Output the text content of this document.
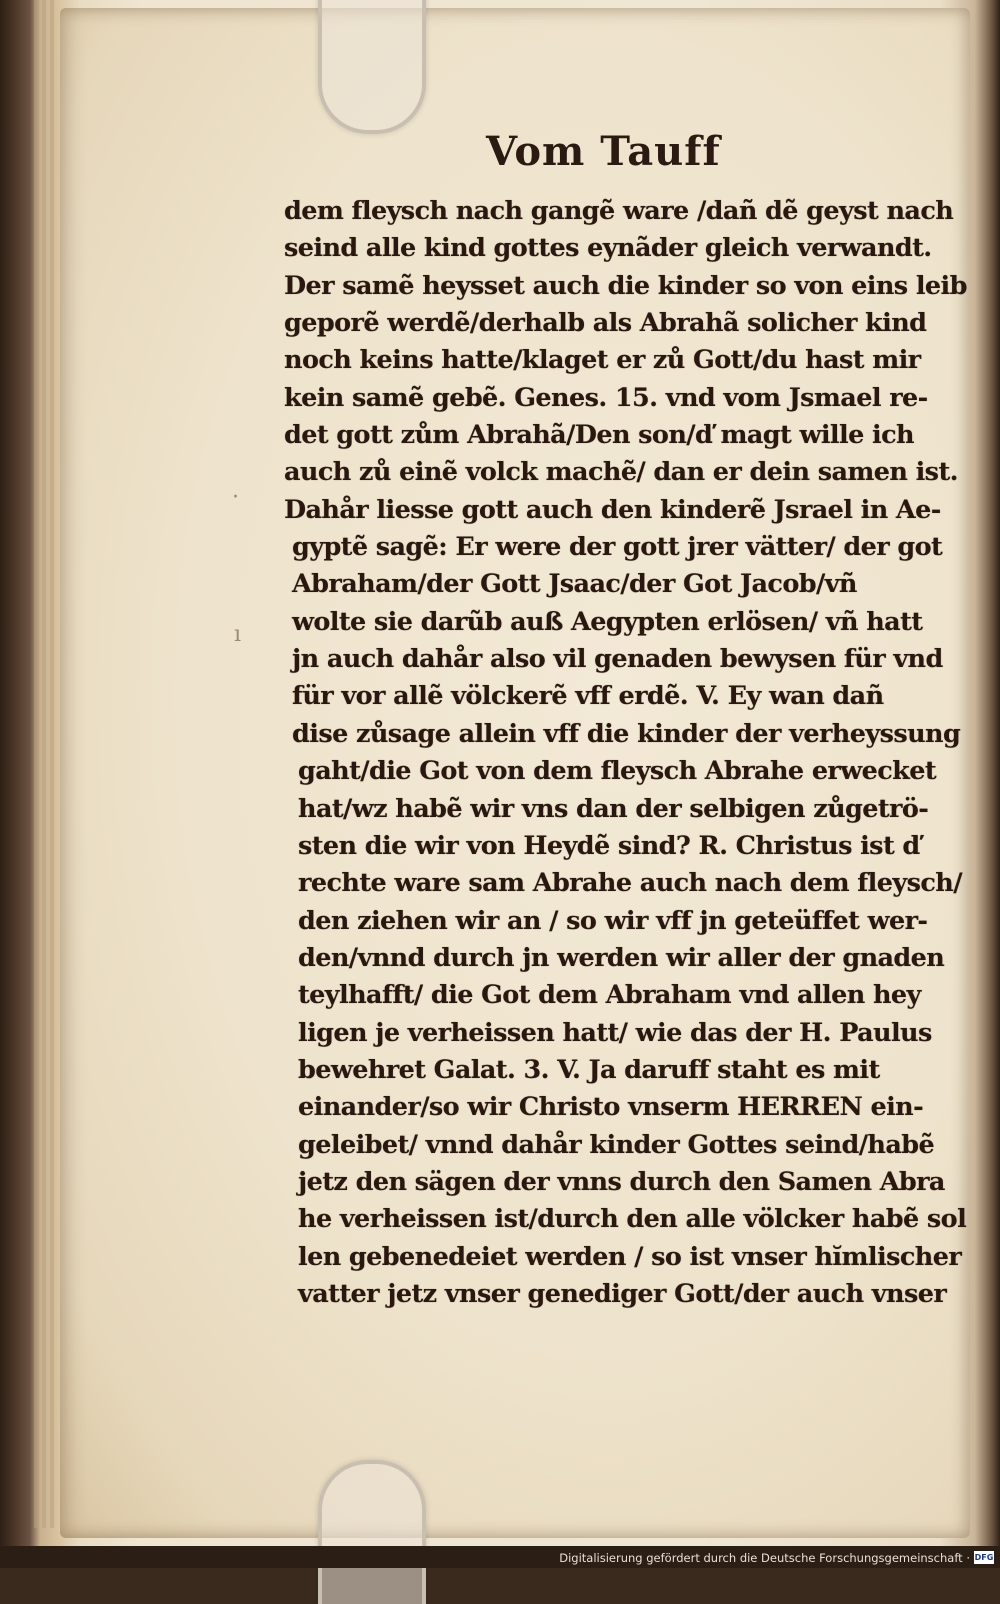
Vom Tauff
·
ı
dem fleysch nach gangẽ ware /dañ dẽ geyst nach
seind alle kind gottes eynãder gleich verwandt.
Der samẽ heysset auch die kinder so von eins leib
geporẽ werdẽ/derhalb als Abrahã solicher kind
noch keins hatte/klaget er zů Gott/du hast mir
kein samẽ gebẽ. Genes. 15. vnd vom Jsmael re-
det gott zům Abrahã/Den son/ď magt wille ich
auch zů einẽ volck machẽ/ dan er dein samen ist.
Dahår liesse gott auch den kinderẽ Jsrael in Ae-
gyptẽ sagẽ: Er were der gott jrer vätter/ der got
Abraham/der Gott Jsaac/der Got Jacob/vñ
wolte sie darũb auß Aegypten erlösen/ vñ hatt
jn auch dahår also vil genaden bewysen für vnd
für vor allẽ völckerẽ vff erdẽ. V. Ey wan dañ
dise zůsage allein vff die kinder der verheyssung
gaht/die Got von dem fleysch Abrahe erwecket
hat/wz habẽ wir vns dan der selbigen zůgetrö-
sten die wir von Heydẽ sind? R. Christus ist ď
rechte ware sam Abrahe auch nach dem fleysch/
den ziehen wir an / so wir vff jn geteüffet wer-
den/vnnd durch jn werden wir aller der gnaden
teylhafft/ die Got dem Abraham vnd allen hey
ligen je verheissen hatt/ wie das der H. Paulus
bewehret Galat. 3. V. Ja daruff staht es mit
einander/so wir Christo vnserm HERREN ein-
geleibet/ vnnd dahår kinder Gottes seind/habẽ
jetz den sägen der vnns durch den Samen Abra
he verheissen ist/durch den alle völcker habẽ sol
len gebenedeiet werden / so ist vnser hĭmlischer
vatter jetz vnser genediger Gott/der auch vnser
Digitalisierung gefördert durch die Deutsche Forschungsgemeinschaft · DFG
